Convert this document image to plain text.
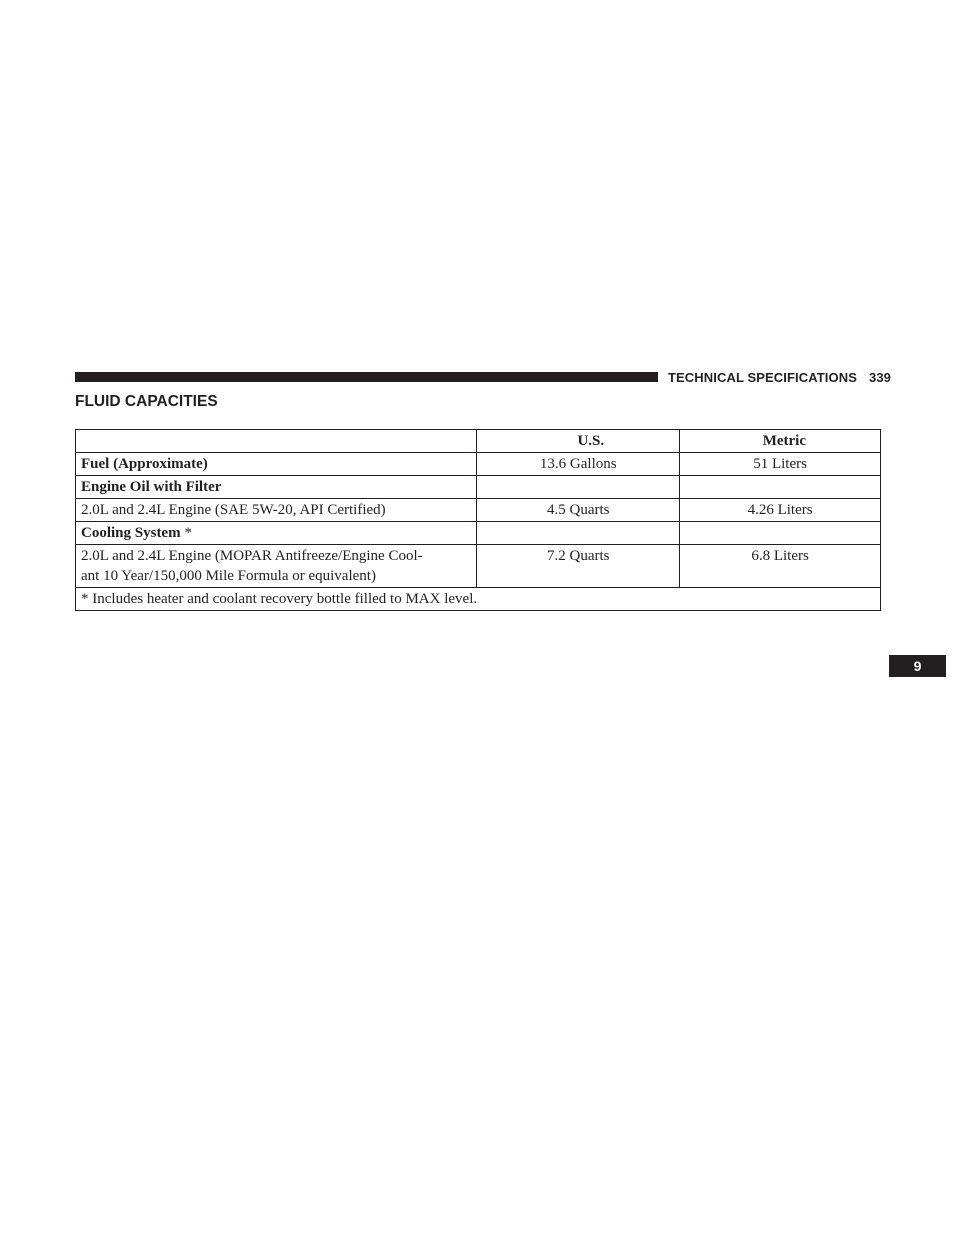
TECHNICAL SPECIFICATIONS 339
FLUID CAPACITIES
	U.S.	Metric
Fuel (Approximate)	13.6 Gallons	51 Liters
Engine Oil with Filter		
2.0L and 2.4L Engine (SAE 5W-20, API Certified)	4.5 Quarts	4.26 Liters
Cooling System *		
2.0L and 2.4L Engine (MOPAR Antifreeze/Engine Cool-
ant 10 Year/150,000 Mile Formula or equivalent)	7.2 Quarts	6.8 Liters
* Includes heater and coolant recovery bottle filled to MAX level.		
9
